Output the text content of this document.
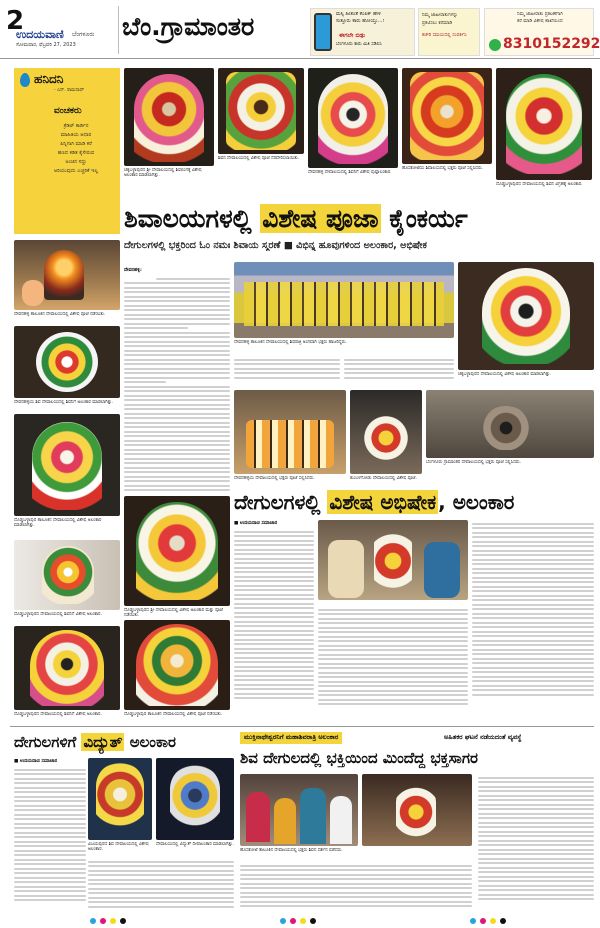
2
ಉದಯವಾಣಿ ಬೆಂಗಳೂರು
ಸೋಮವಾರ, ಫೆಬ್ರವರಿ 27, 2023
ಬೆಂ.ಗ್ರಾಮಾಂತರ	ಮಸ್ಸಿ ಹೀತಂತೆ ಕೆಂಪಿಕ್ ಹೇಳಿ
ಸುತ್ತೂರು ಕಾರು ಹೋಯ್ತು...!
ಈಗಲೇ ಬಿಡ್ಡು
ಬೆಂಗಳೂರು ಕಾರು ಮಿತಿ ಸಡಿಲಿಸಿ
ನಿಮ್ಮ ಜಾಹೀರಾತುಗಳನ್ನು
ಪ್ರಕಟಿಸಲು ಕರೆಮಾಡಿ
ಕಚೇರಿ ಸಮಯದಲ್ಲಿ ಸಂಪರ್ಕಿಸಿ
ನಿಮ್ಮ ಜಾಹೀರಾತು ಪ್ರಕಟಣೆಗಾಗಿ
ಕರೆ ಮಾಡಿ ವಿಶೇಷ ಶಾಖೆಯಿಂದ
8310152292
ಹನಿದನಿ
- ಎನ್. ರಾಮನಾಥ್
ವಂಚಕರು
ಕ್ರೆಡಿಟ್ ಕಾರ್ಡಿನ
ಮಾಹಿತಿಯ ಆಧಾರ
ಪಿನ್ನಿಗಾಗಿ ಮಾಡಿ ಕರೆ
ಹಣದ ಕಡಿತ ಕೈಸೇರುವ
ಅಂಚಿನ ಸದ್ದು
ಅರಿಯುವುದು ಎಚ್ಚರಿಕೆ ಇಲ್ಲ
ದೇವನಹಳ್ಳಿ ತಾಲೂಕಿನ ದೇವಾಲಯದಲ್ಲಿ ವಿಶೇಷ ಪೂಜೆ ನಡೆಯಿತು.
ದೇವನಹಳ್ಳಿಯ ಶಿವ ದೇವಾಲಯದಲ್ಲಿ ಶಿವನಿಗೆ ಅಲಂಕಾರ ಮಾಡಲಾಗಿತ್ತು.
ದೊಡ್ಡಬಳ್ಳಾಪುರ ತಾಲೂಕಿನ ದೇವಾಲಯದಲ್ಲಿ ವಿಶೇಷ ಅಲಂಕಾರ ಮಾಡಲಾಗಿತ್ತು.
ದೊಡ್ಡಬಳ್ಳಾಪುರದ ದೇವಾಲಯದಲ್ಲಿ ಶಿವನಿಗೆ ವಿಶೇಷ ಅಲಂಕಾರ.
ಚಿಕ್ಕಬಳ್ಳಾಪುರದ ಶ್ರೀ ದೇವಾಲಯದಲ್ಲಿ ಶಿವಲಿಂಗಕ್ಕೆ ವಿಶೇಷ ಅಲಂಕಾರ ಮಾಡಲಾಗಿತ್ತು.
ಶಿವನ ದೇವಾಲಯದಲ್ಲಿ ವಿಶೇಷ ಪೂಜೆ ನೆರವೇರಿಸಲಾಯಿತು.
ದೇವನಹಳ್ಳಿ ದೇವಾಲಯದಲ್ಲಿ ಶಿವನಿಗೆ ವಿಶೇಷ ಪುಷ್ಪಾಲಂಕಾರ.
ಹೊಸಕೋಟೆಯ ಶಿವಾಲಯದಲ್ಲಿ ಭಕ್ತರು ಪೂಜೆ ಸಲ್ಲಿಸಿದರು.
ದೊಡ್ಡಬಳ್ಳಾಪುರದ ದೇವಾಲಯದಲ್ಲಿ ಶಿವನ ವಿಗ್ರಹಕ್ಕೆ ಅಲಂಕಾರ.
ಶಿವಾಲಯಗಳಲ್ಲಿ ವಿಶೇಷ ಪೂಜಾ ಕೈಂಕರ್ಯ
ದೇಗುಲಗಳಲ್ಲಿ ಭಕ್ತರಿಂದ ಓಂ ನಮಃ ಶಿವಾಯ ಸ್ಮರಣೆ ■ ವಿಭಿನ್ನ ಹೂವುಗಳಿಂದ ಅಲಂಕಾರ, ಅಭಿಷೇಕ
ದೇವನಹಳ್ಳಿ:
ದೇವನಹಳ್ಳಿ ತಾಲೂಕಿನ ದೇವಾಲಯದಲ್ಲಿ ಶಿವರಾತ್ರಿ ಅಂಗವಾಗಿ ಭಕ್ತರು ಹಾಜರಿದ್ದರು.
ಚಿಕ್ಕಬಳ್ಳಾಪುರದ ದೇವಾಲಯದಲ್ಲಿ ವಿಶೇಷ ಅಲಂಕಾರ ಮಾಡಲಾಗಿತ್ತು.
ದೇವನಹಳ್ಳಿಯ ದೇವಾಲಯದಲ್ಲಿ ಭಕ್ತರು ಪೂಜೆ ಸಲ್ಲಿಸಿದರು.	ಕುಂಬಳಗೋಡು ದೇವಾಲಯದಲ್ಲಿ ವಿಶೇಷ ಪೂಜೆ.
ಬೆಂಗಳೂರು ಗ್ರಾಮಾಂತರ ದೇವಾಲಯದಲ್ಲಿ ಭಕ್ತರು ಪೂಜೆ ಸಲ್ಲಿಸಿದರು.
ದೇಗುಲಗಳಲ್ಲಿ ವಿಶೇಷ ಅಭಿಷೇಕ , ಅಲಂಕಾರ
ದೊಡ್ಡಬಳ್ಳಾಪುರದ ಶ್ರೀ ದೇವಾಲಯದಲ್ಲಿ ವಿಶೇಷ ಅಲಂಕಾರ ಮತ್ತು ಪೂಜೆ ನಡೆಯಿತು.
ದೊಡ್ಡಬಳ್ಳಾಪುರದ ದೇವಾಲಯದಲ್ಲಿ ಶಿವನಿಗೆ ವಿಶೇಷ ಅಲಂಕಾರ.	ದೊಡ್ಡಬಳ್ಳಾಪುರ ತಾಲೂಕಿನ ದೇವಾಲಯದಲ್ಲಿ ವಿಶೇಷ ಪೂಜೆ ನಡೆಯಿತು.
■ ಉದಯವಾಣಿ ಸಮಾಚಾರ
ದೇಗುಲಗಳಿಗೆ ವಿದ್ಯುತ್ ಅಲಂಕಾರ
■ ಉದಯವಾಣಿ ಸಮಾಚಾರ
ವಿಜಯಪುರದ ಶಿವ ದೇವಾಲಯದಲ್ಲಿ ವಿಶೇಷ ಅಲಂಕಾರ.
ದೇವಾಲಯದಲ್ಲಿ ವಿದ್ಯುತ್ ದೀಪಾಲಂಕಾರ ಮಾಡಲಾಗಿತ್ತು.
ಮುಕ್ತಿನಾಥೇಶ್ವರನಿಗೆ ಮಹಾಶಿವರಾತ್ರಿ ಅಲಂಕಾರ	ಅಹಿತಕರ ಘಟನೆ ನಡೆಯದಂತೆ ವ್ಯವಸ್ಥೆ
ಶಿವ ದೇಗುಲದಲ್ಲಿ ಭಕ್ತಿಯಿಂದ ಮಿಂದೆದ್ದ ಭಕ್ತಸಾಗರ
ಹೊಸಕೋಟೆ ತಾಲೂಕಿನ ದೇವಾಲಯದಲ್ಲಿ ಭಕ್ತರು ಶಿವನ ದರ್ಶನ ಪಡೆದರು.
